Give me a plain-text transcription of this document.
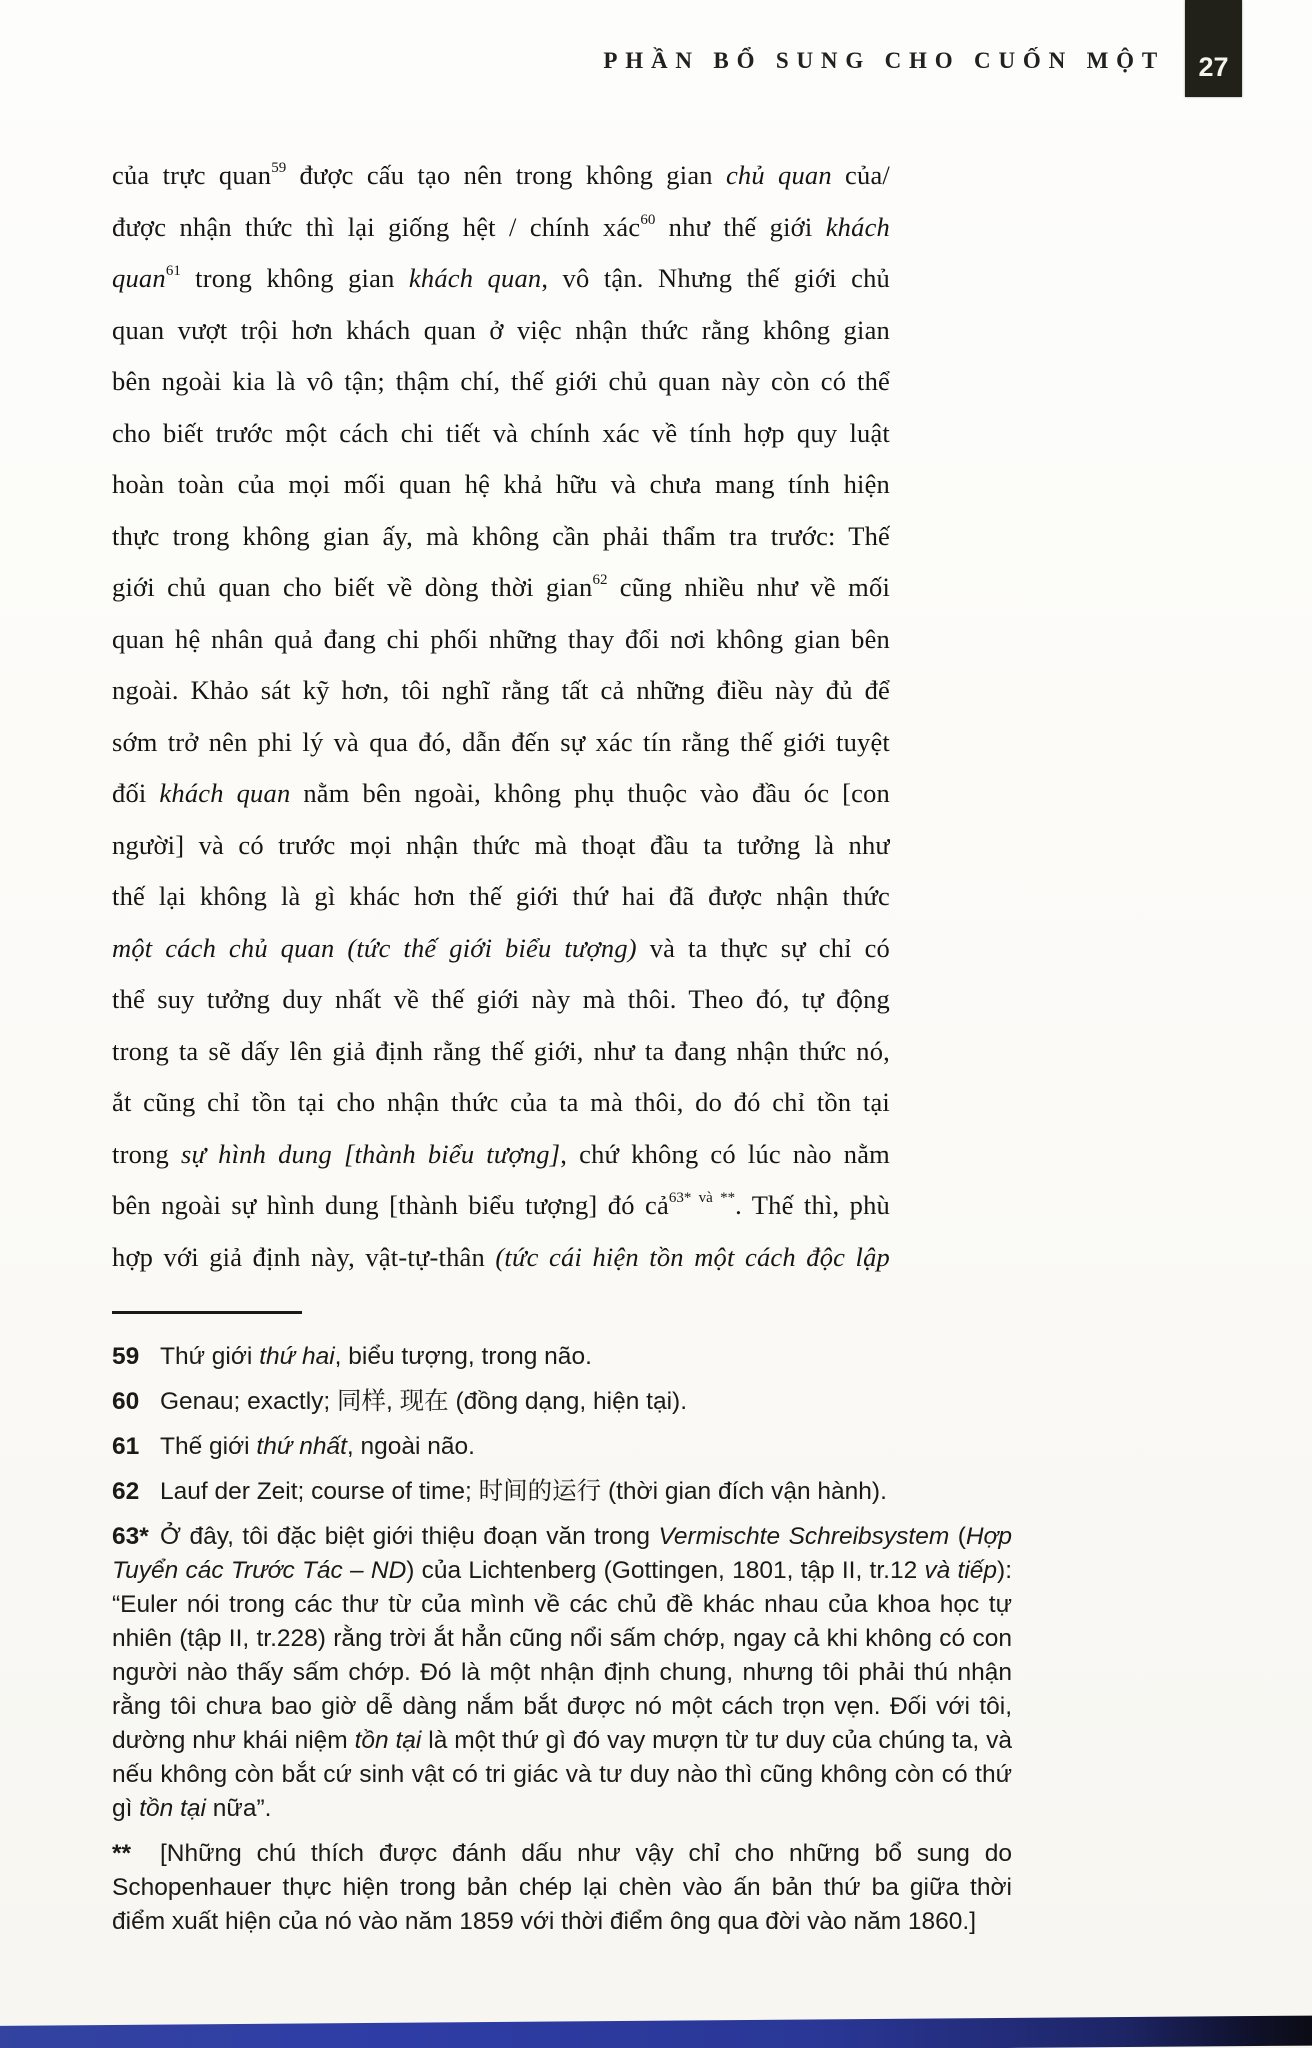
PHẦN BỔ SUNG CHO CUỐN MỘT 27
của trực quan$^{59}$ được cấu tạo nên trong không gian chủ quan của/
được nhận thức thì lại giống hệt / chính xác$^{60}$ như thế giới khách
quan$^{61}$ trong không gian khách quan, vô tận. Nhưng thế giới chủ
quan vượt trội hơn khách quan ở việc nhận thức rằng không gian
bên ngoài kia là vô tận; thậm chí, thế giới chủ quan này còn có thể
cho biết trước một cách chi tiết và chính xác về tính hợp quy luật
hoàn toàn của mọi mối quan hệ khả hữu và chưa mang tính hiện
thực trong không gian ấy, mà không cần phải thẩm tra trước: Thế
giới chủ quan cho biết về dòng thời gian$^{62}$ cũng nhiều như về mối
quan hệ nhân quả đang chi phối những thay đổi nơi không gian bên
ngoài. Khảo sát kỹ hơn, tôi nghĩ rằng tất cả những điều này đủ để
sớm trở nên phi lý và qua đó, dẫn đến sự xác tín rằng thế giới tuyệt
đối khách quan nằm bên ngoài, không phụ thuộc vào đầu óc [con
người] và có trước mọi nhận thức mà thoạt đầu ta tưởng là như
thế lại không là gì khác hơn thế giới thứ hai đã được nhận thức
một cách chủ quan (tức thế giới biểu tượng) và ta thực sự chỉ có
thể suy tưởng duy nhất về thế giới này mà thôi. Theo đó, tự động
trong ta sẽ dấy lên giả định rằng thế giới, như ta đang nhận thức nó,
ắt cũng chỉ tồn tại cho nhận thức của ta mà thôi, do đó chỉ tồn tại
trong sự hình dung [thành biểu tượng], chứ không có lúc nào nằm
bên ngoài sự hình dung [thành biểu tượng] đó cả$^{63* và **}$. Thế thì, phù
hợp với giả định này, vật-tự-thân (tức cái hiện tồn một cách độc lập
59 Thứ giới thứ hai, biểu tượng, trong não.
60 Genau; exactly; 同样, 现在 (đồng dạng, hiện tại).
61 Thế giới thứ nhất, ngoài não.
62 Lauf der Zeit; course of time; 时间的运行 (thời gian đích vận hành).
63* Ở đây, tôi đặc biệt giới thiệu đoạn văn trong Vermischte Schreibsystem (Hợp Tuyển các Trước Tác – ND) của Lichtenberg (Gottingen, 1801, tập II, tr.12 và tiếp): “Euler nói trong các thư từ của mình về các chủ đề khác nhau của khoa học tự nhiên (tập II, tr.228) rằng trời ắt hẳn cũng nổi sấm chớp, ngay cả khi không có con người nào thấy sấm chớp. Đó là một nhận định chung, nhưng tôi phải thú nhận rằng tôi chưa bao giờ dễ dàng nắm bắt được nó một cách trọn vẹn. Đối với tôi, dường như khái niệm tồn tại là một thứ gì đó vay mượn từ tư duy của chúng ta, và nếu không còn bắt cứ sinh vật có tri giác và tư duy nào thì cũng không còn có thứ gì tồn tại nữa”.
** [Những chú thích được đánh dấu như vậy chỉ cho những bổ sung do Schopenhauer thực hiện trong bản chép lại chèn vào ấn bản thứ ba giữa thời điểm xuất hiện của nó vào năm 1859 với thời điểm ông qua đời vào năm 1860.]
